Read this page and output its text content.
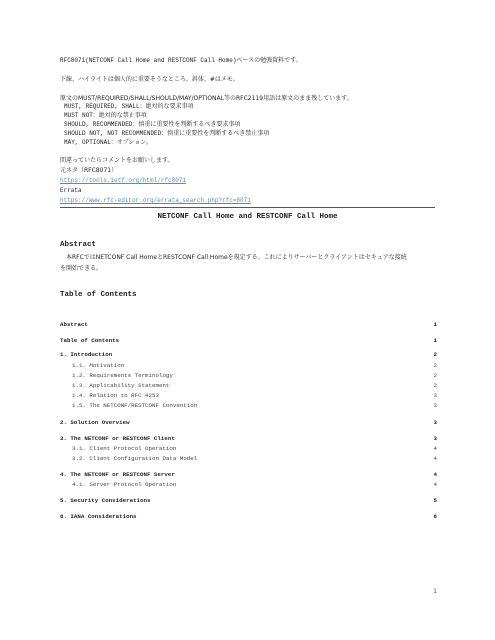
RFC8071(NETCONF Call Home and RESTCONF Call Home)ベースの勉強資料です。
下線、ハイライトは個人的に重要そうなところ。斜体、#はメモ。
原文のMUST/REQUIRED/SHALL/SHOULD/MAY/OPTIONAL等のRFC2119用語は原文のまま残しています。
MUST, REQUIRED, SHALL：絶対的な要求事項
MUST NOT：絶対的な禁止事項
SHOULD, RECOMMENDED：慎重に重要性を判断するべき要求事項
SHOULD NOT, NOT RECOMMENDED：慎重に重要性を判断するべき禁止事項
MAY, OPTIONAL：オプション。
間違っていたらコメントをお願いします。
元ネタ（RFC8071）
https://tools.ietf.org/html/rfc8071
Errata
https://www.rfc-editor.org/errata_search.php?rfc=8071
NETCONF Call Home and RESTCONF Call Home
Abstract
本RFCではNETCONF Call HomeとRESTCONF Call Homeを規定する。これによりサーバーとクライアントはセキュアな接続
を開始できる。
Table of Contents
Abstract	1
Table of Contents	1
1. Introduction	2
1.1. Motivation	2
1.2. Requirements Terminology	2
1.3. Applicability Statement	2
1.4. Relation to RFC 4253	3
1.5. The NETCONF/RESTCONF Convention	3
2. Solution Overview	3
3. The NETCONF or RESTCONF Client	3
3.1. Client Protocol Operation	4
3.2. Client Configuration Data Model	4
4. The NETCONF or RESTCONF Server	4
4.1. Server Protocol Operation	4
5. Security Considerations	5
6. IANA Considerations	6
1
